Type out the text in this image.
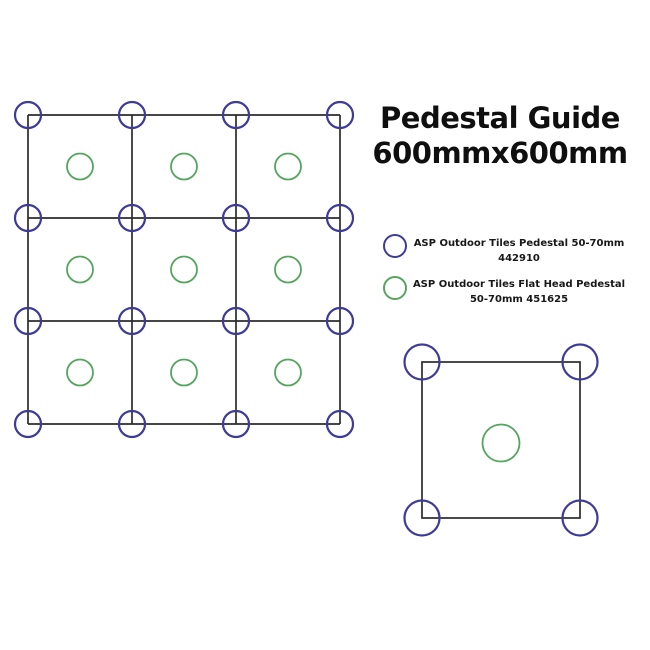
Pedestal Guide
600mmx600mm
ASP Outdoor Tiles Pedestal 50-70mm
442910
ASP Outdoor Tiles Flat Head Pedestal
50-70mm 451625
